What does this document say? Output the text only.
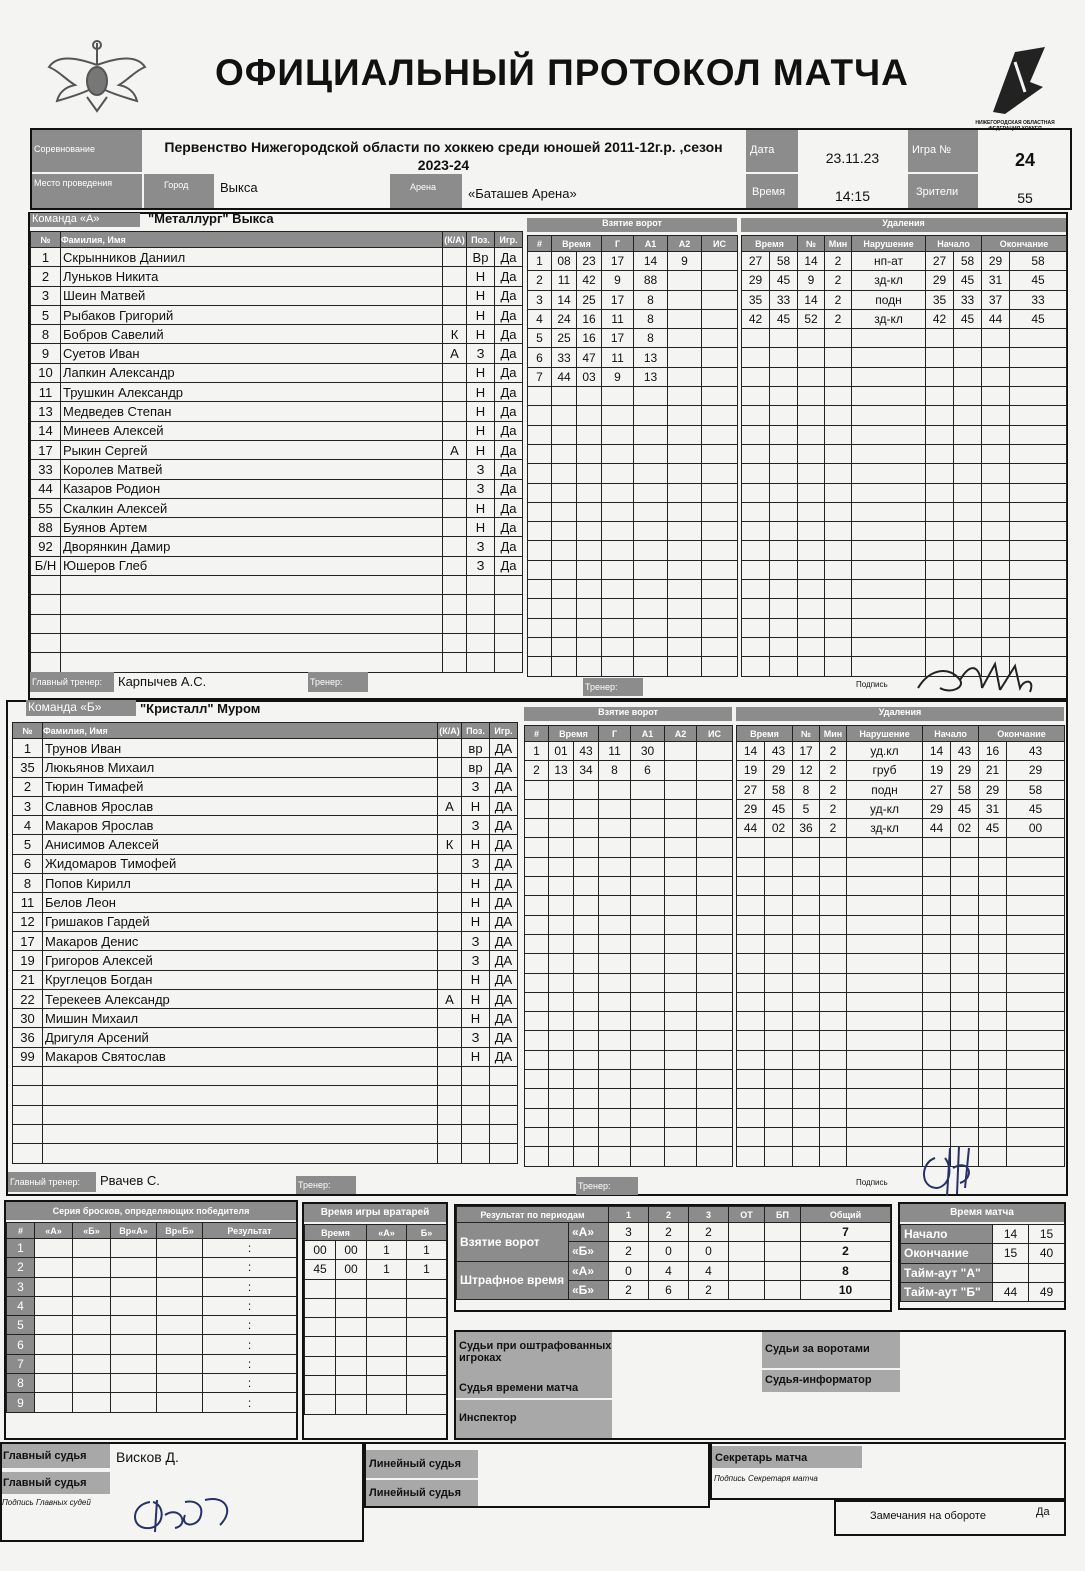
ОФИЦИАЛЬНЫЙ ПРОТОКОЛ МАТЧА
НИЖЕГОРОДСКАЯ ОБЛАСТНАЯ ФЕДЕРАЦИЯ ХОККЕЯ
Соревнование	Первенство Нижегородской области по хоккею среди юношей 2011-12г.р. ,сезон 2023-24
Дата	23.11.23	Игра №	24
Место проведения	Город	Выкса	Арена	«Баташев Арена»	Время	14:15	Зрители	55
Команда «А»	"Металлург" Выкса
№	Фамилия, Имя	(К/А)	Поз.	Игр.
1	Скрынников Даниил		Вр	Да
2	Луньков Никита		Н	Да
3	Шеин Матвей		Н	Да
5	Рыбаков Григорий		Н	Да
8	Бобров Савелий	К	Н	Да
9	Суетов Иван	А	З	Да
10	Лапкин Александр		Н	Да
11	Трушкин Александр		Н	Да
13	Медведев Степан		Н	Да
14	Минеев Алексей		Н	Да
17	Рыкин Сергей	А	Н	Да
33	Королев Матвей		З	Да
44	Казаров Родион		З	Да
55	Скалкин Алексей		Н	Да
88	Буянов Артем		Н	Да
92	Дворянкин Дамир		З	Да
Б/Н	Юшеров Глеб		З	Да

Взятие ворот
#	Время		Г	А1	А2	ИС
1	08	23	17	14	9	
2	11	42	9	88		
3	14	25	17	8		
4	24	16	11	8		
5	25	16	17	8		
6	33	47	11	13		
7	44	03	9	13		

Удаления
Время		№	Мин	Нарушение	Начало		Окончание	
27	58	14	2	нп-ат	27	58	29	58
29	45	9	2	зд-кл	29	45	31	45
35	33	14	2	подн	35	33	37	33
42	45	52	2	зд-кл	42	45	44	45

Главный тренер:	Карпычев А.С.	Тренер:	Тренер:	Подпись
Команда «Б»	"Кристалл" Муром
№	Фамилия, Имя	(К/А)	Поз.	Игр.
1	Трунов Иван		вр	ДА
35	Люкьянов Михаил		вр	ДА
2	Тюрин Тимафей		З	ДА
3	Славнов Ярослав	А	Н	ДА
4	Макаров Ярослав		З	ДА
5	Анисимов Алексей	К	Н	ДА
6	Жидомаров Тимофей		З	ДА
8	Попов Кирилл		Н	ДА
11	Белов Леон		Н	ДА
12	Гришаков Гардей		Н	ДА
17	Макаров Денис		З	ДА
19	Григоров Алексей		З	ДА
21	Круглецов Богдан		Н	ДА
22	Терекеев Александр	А	Н	ДА
30	Мишин Михаил		Н	ДА
36	Дригуля Арсений		З	ДА
99	Макаров Святослав		Н	ДА

Взятие ворот
#	Время		Г	А1	А2	ИС
1	01	43	11	30		
2	13	34	8	6		

Удаления
Время		№	Мин	Нарушение	Начало		Окончание	
14	43	17	2	уд.кл	14	43	16	43
19	29	12	2	груб	19	29	21	29
27	58	8	2	подн	27	58	29	58
29	45	5	2	уд-кл	29	45	31	45
44	02	36	2	зд-кл	44	02	45	00

Главный тренер:	Рвачев С.	Тренер:	Тренер:	Подпись
Серия бросков, определяющих победителя
#	«А»	«Б»	Вр«А»	Вр«Б»	Результат
1					:
2					:
3					:
4					:
5					:
6					:
7					:
8					:
9					:
Время игры вратарей
Время		«А»	Б»
00	00	1	1
45	00	1	1

Результат по периодам		1	2	3	ОТ	БП	Общий
Взятие ворот	«А»	3	2	2			7
	«Б»	2	0	0			2
Штрафное время	«А»	0	4	4			8
	«Б»	2	6	2			10
Время матча
Начало	14	15
Окончание	15	40
Тайм-аут "А"		
Тайм-аут "Б"	44	49
Судьи при оштрафованных игроках
Судья времени матча
Инспектор
Судьи за воротами
Судья-информатор
Главный судья	Висков Д.
Главный судья
Подпись Главных судей
Линейный судья
Линейный судья
Секретарь матча
Подпись Секретаря матча
Замечания на обороте	Да
